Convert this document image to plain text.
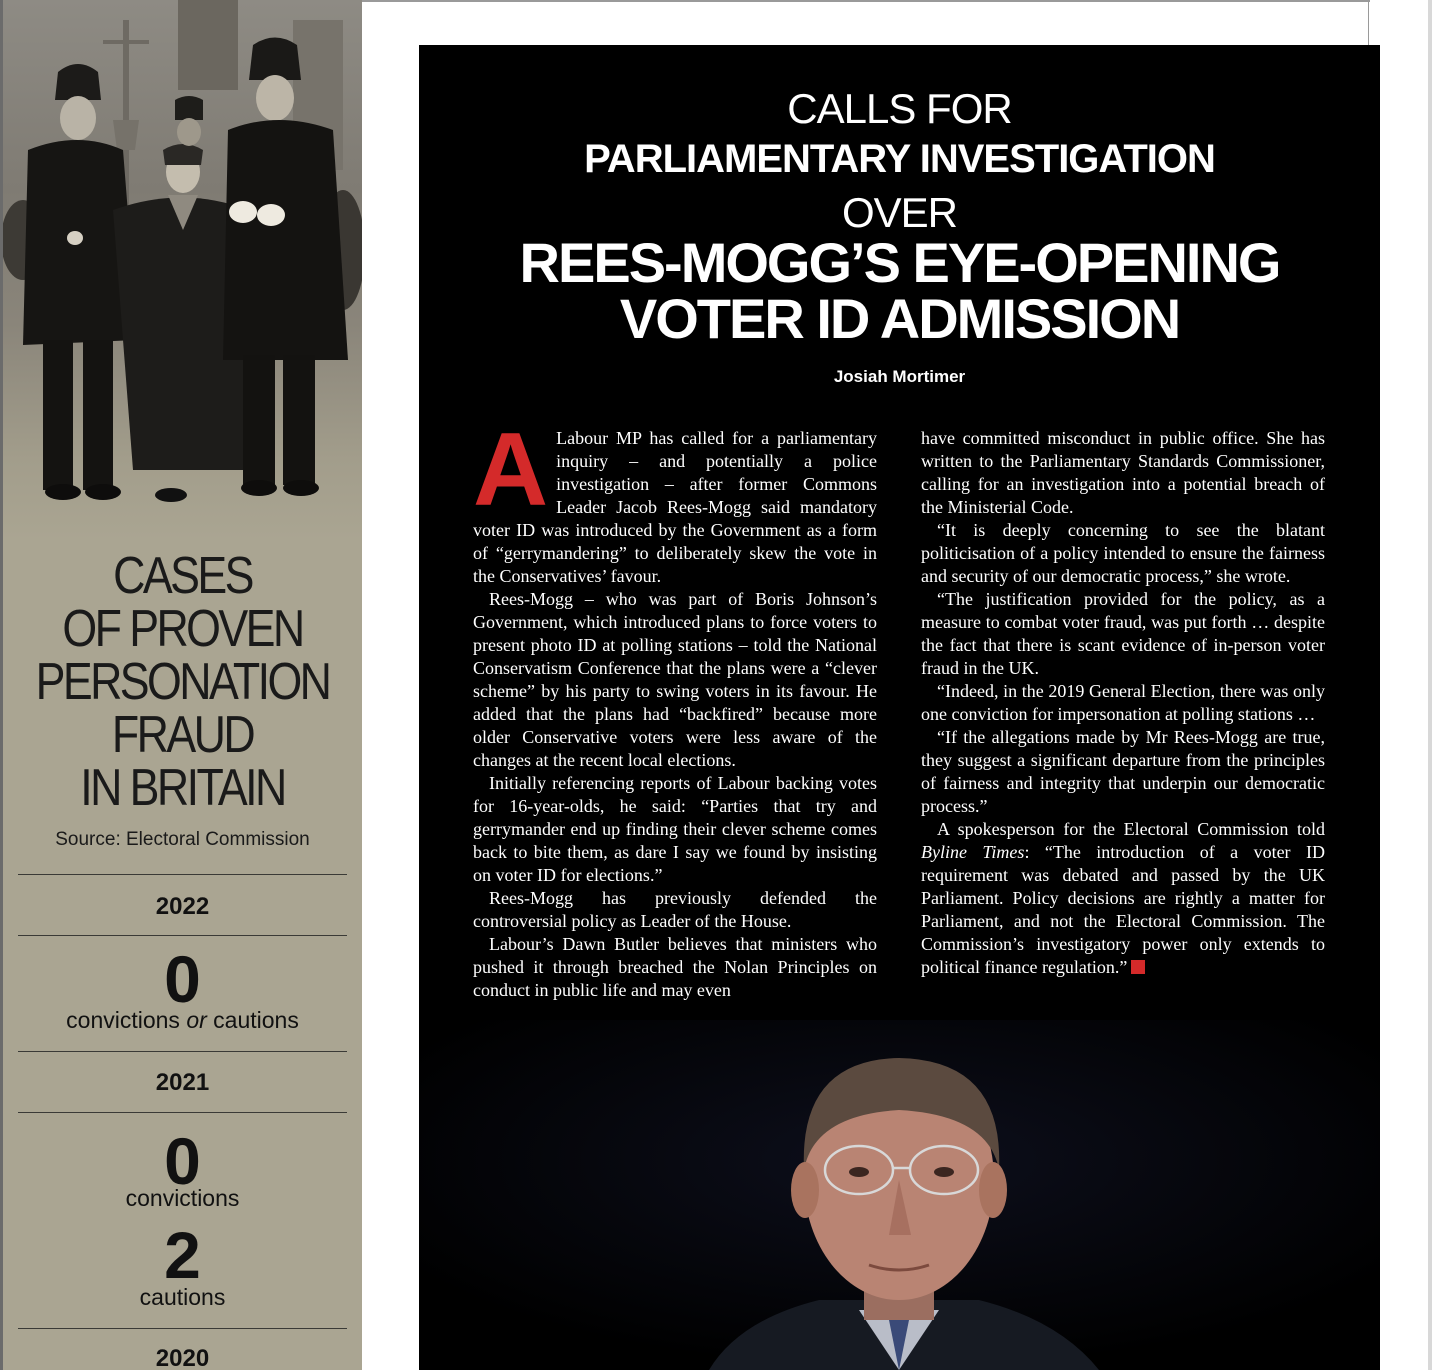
CASES
OF PROVEN
PERSONATION
FRAUD
IN BRITAIN
Source: Electoral Commission
2022
0
convictions or cautions
2021
0
convictions
2
cautions
2020
CALLS FOR
PARLIAMENTARY INVESTIGATION
OVER
REES-MOGG’S EYE-OPENING
VOTER ID ADMISSION
Josiah Mortimer

A Labour MP has called for a parliamentary inquiry – and potentially a police investigation – after former Commons Leader Jacob Rees-Mogg said mandatory voter ID was introduced by the Government as a form of “gerrymandering” to deliberately skew the vote in the Conservatives’ favour.

Rees-Mogg – who was part of Boris Johnson’s Government, which introduced plans to force voters to present photo ID at polling stations – told the National Conservatism Conference that the plans were a “clever scheme” by his party to swing voters in its favour. He added that the plans had “backfired” because more older Conservative voters were less aware of the changes at the recent local elections.

Initially referencing reports of Labour backing votes for 16-year-olds, he said: “Parties that try and gerrymander end up finding their clever scheme comes back to bite them, as dare I say we found by insisting on voter ID for elections.”

Rees-Mogg has previously defended the controversial policy as Leader of the House.

Labour’s Dawn Butler believes that ministers who pushed it through breached the Nolan Principles on conduct in public life and may even

have committed misconduct in public office. She has written to the Parliamentary Standards Commissioner, calling for an investigation into a potential breach of the Ministerial Code.

“It is deeply concerning to see the blatant politicisation of a policy intended to ensure the fairness and security of our democratic process,” she wrote.

“The justification provided for the policy, as a measure to combat voter fraud, was put forth … despite the fact that there is scant evidence of in-person voter fraud in the UK.

“Indeed, in the 2019 General Election, there was only one conviction for impersonation at polling stations …

“If the allegations made by Mr Rees-Mogg are true, they suggest a significant departure from the principles of fairness and integrity that underpin our democratic process.”

A spokesperson for the Electoral Commission told Byline Times: “The introduction of a voter ID requirement was debated and passed by the UK Parliament. Policy decisions are rightly a matter for Parliament, and not the Electoral Commission. The Commission’s investigatory power only extends to political finance regulation.”
